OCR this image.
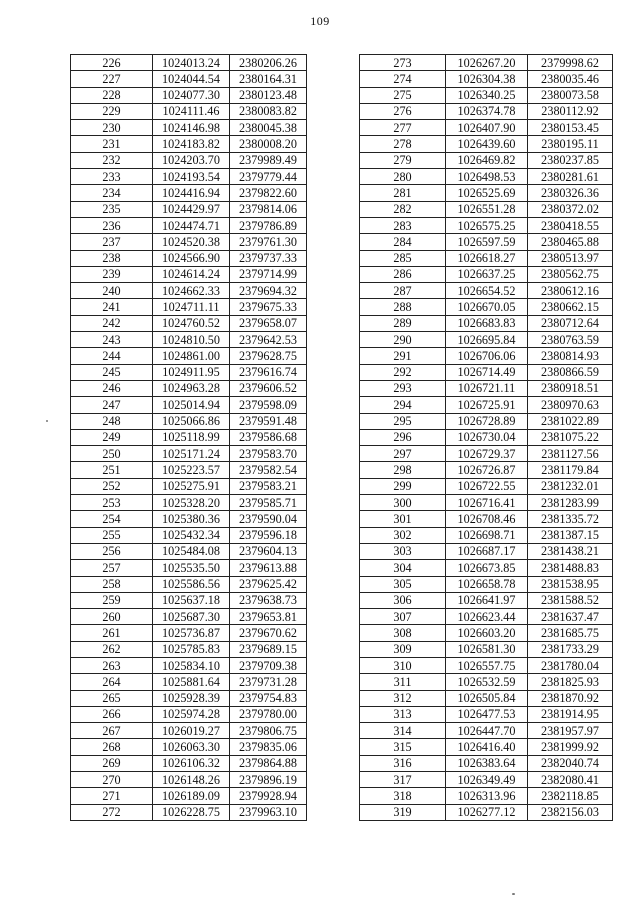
109
226	1024013.24	2380206.26
227	1024044.54	2380164.31
228	1024077.30	2380123.48
229	1024111.46	2380083.82
230	1024146.98	2380045.38
231	1024183.82	2380008.20
232	1024203.70	2379989.49
233	1024193.54	2379779.44
234	1024416.94	2379822.60
235	1024429.97	2379814.06
236	1024474.71	2379786.89
237	1024520.38	2379761.30
238	1024566.90	2379737.33
239	1024614.24	2379714.99
240	1024662.33	2379694.32
241	1024711.11	2379675.33
242	1024760.52	2379658.07
243	1024810.50	2379642.53
244	1024861.00	2379628.75
245	1024911.95	2379616.74
246	1024963.28	2379606.52
247	1025014.94	2379598.09
248	1025066.86	2379591.48
249	1025118.99	2379586.68
250	1025171.24	2379583.70
251	1025223.57	2379582.54
252	1025275.91	2379583.21
253	1025328.20	2379585.71
254	1025380.36	2379590.04
255	1025432.34	2379596.18
256	1025484.08	2379604.13
257	1025535.50	2379613.88
258	1025586.56	2379625.42
259	1025637.18	2379638.73
260	1025687.30	2379653.81
261	1025736.87	2379670.62
262	1025785.83	2379689.15
263	1025834.10	2379709.38
264	1025881.64	2379731.28
265	1025928.39	2379754.83
266	1025974.28	2379780.00
267	1026019.27	2379806.75
268	1026063.30	2379835.06
269	1026106.32	2379864.88
270	1026148.26	2379896.19
271	1026189.09	2379928.94
272	1026228.75	2379963.10
273	1026267.20	2379998.62
274	1026304.38	2380035.46
275	1026340.25	2380073.58
276	1026374.78	2380112.92
277	1026407.90	2380153.45
278	1026439.60	2380195.11
279	1026469.82	2380237.85
280	1026498.53	2380281.61
281	1026525.69	2380326.36
282	1026551.28	2380372.02
283	1026575.25	2380418.55
284	1026597.59	2380465.88
285	1026618.27	2380513.97
286	1026637.25	2380562.75
287	1026654.52	2380612.16
288	1026670.05	2380662.15
289	1026683.83	2380712.64
290	1026695.84	2380763.59
291	1026706.06	2380814.93
292	1026714.49	2380866.59
293	1026721.11	2380918.51
294	1026725.91	2380970.63
295	1026728.89	2381022.89
296	1026730.04	2381075.22
297	1026729.37	2381127.56
298	1026726.87	2381179.84
299	1026722.55	2381232.01
300	1026716.41	2381283.99
301	1026708.46	2381335.72
302	1026698.71	2381387.15
303	1026687.17	2381438.21
304	1026673.85	2381488.83
305	1026658.78	2381538.95
306	1026641.97	2381588.52
307	1026623.44	2381637.47
308	1026603.20	2381685.75
309	1026581.30	2381733.29
310	1026557.75	2381780.04
311	1026532.59	2381825.93
312	1026505.84	2381870.92
313	1026477.53	2381914.95
314	1026447.70	2381957.97
315	1026416.40	2381999.92
316	1026383.64	2382040.74
317	1026349.49	2382080.41
318	1026313.96	2382118.85
319	1026277.12	2382156.03
